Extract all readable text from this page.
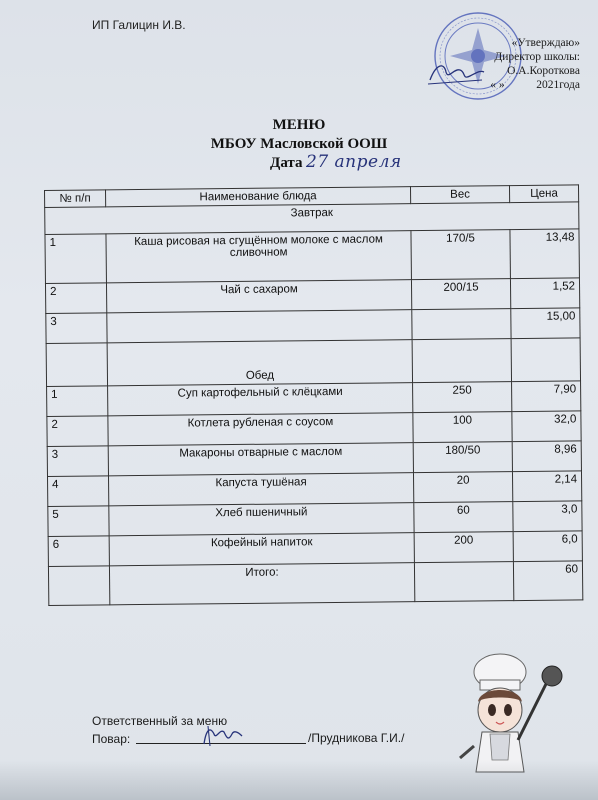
ИП Галицин И.В.
«Утверждаю»
Директор школы:
О.А.Коротковa
« »	2021года
МЕНЮ
МБОУ Масловской ООШ
Дата 27 апреля
№ п/п	Наименование блюда	Вес	Цена
Завтрак			
1	Каша рисовая на сгущённом молоке с маслом сливочном	170/5	13,48
2	Чай с сахаром	200/15	1,52
3			15,00
	Обед		
1	Суп картофельный с клёцками	250	7,90
2	Котлета рубленая с соусом	100	32,0
3	Макароны отварные с маслом	180/50	8,96
4	Капуста тушёная	20	2,14
5	Хлеб пшеничный	60	3,0
6	Кофейный напиток	200	6,0
	Итого:		60
Ответственный за меню
Повар:	/Прудникова Г.И./
